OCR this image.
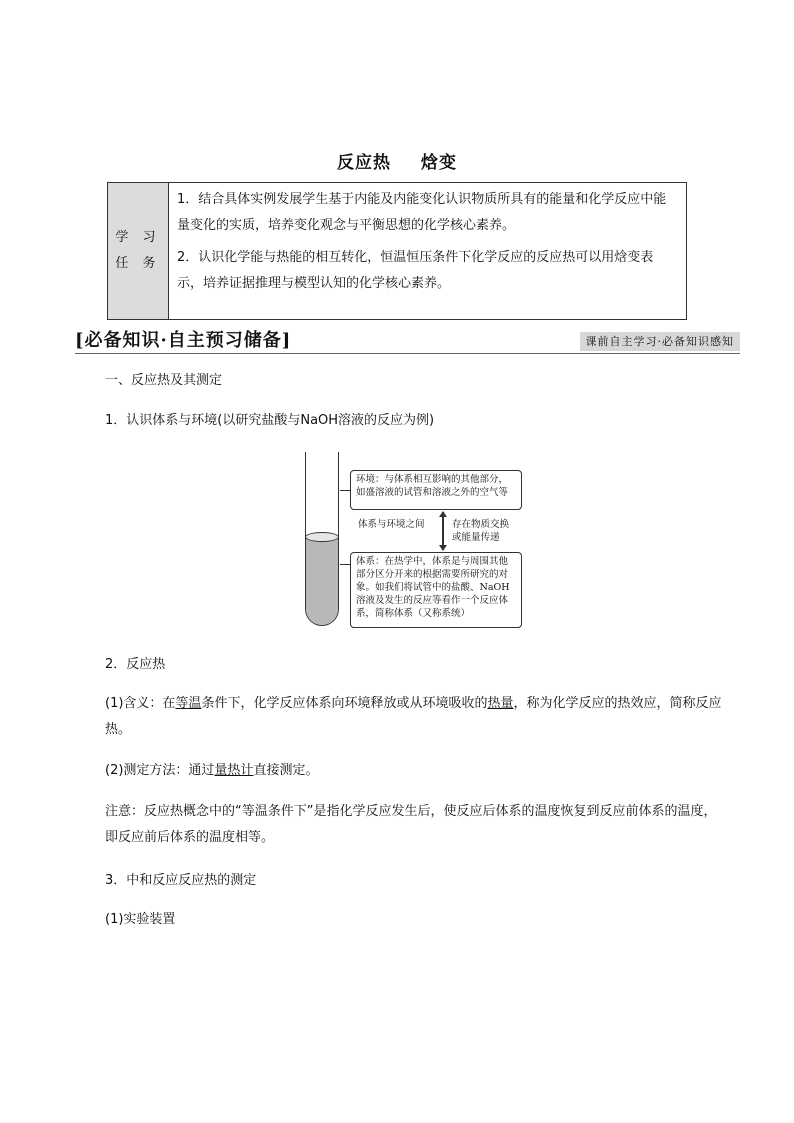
反应热 焓变
学 习
任 务

1．结合具体实例发展学生基于内能及内能变化认识物质所具有的能量和化学反应中能量变化的实质，培养变化观念与平衡思想的化学核心素养。

2．认识化学能与热能的相互转化，恒温恒压条件下化学反应的反应热可以用焓变表示，培养证据推理与模型认知的化学核心素养。

[必备知识·自主预习储备]	课前自主学习·必备知识感知
一、反应热及其测定
1．认识体系与环境(以研究盐酸与NaOH溶液的反应为例)
环境：与体系相互影响的其他部分，如盛溶液的试管和溶液之外的空气等
体系与环境之间	存在物质交换
或能量传递
体系：在热学中，体系是与周围其他部分区分开来的根据需要所研究的对象。如我们将试管中的盐酸、NaOH溶液及发生的反应等看作一个反应体系，简称体系（又称系统）
2．反应热
(1)含义：在等温条件下，化学反应体系向环境释放或从环境吸收的热量，称为化学反应的热效应，简称反应热。
(2)测定方法：通过量热计直接测定。
注意：反应热概念中的“等温条件下”是指化学反应发生后，使反应后体系的温度恢复到反应前体系的温度，即反应前后体系的温度相等。
3．中和反应反应热的测定
(1)实验装置
